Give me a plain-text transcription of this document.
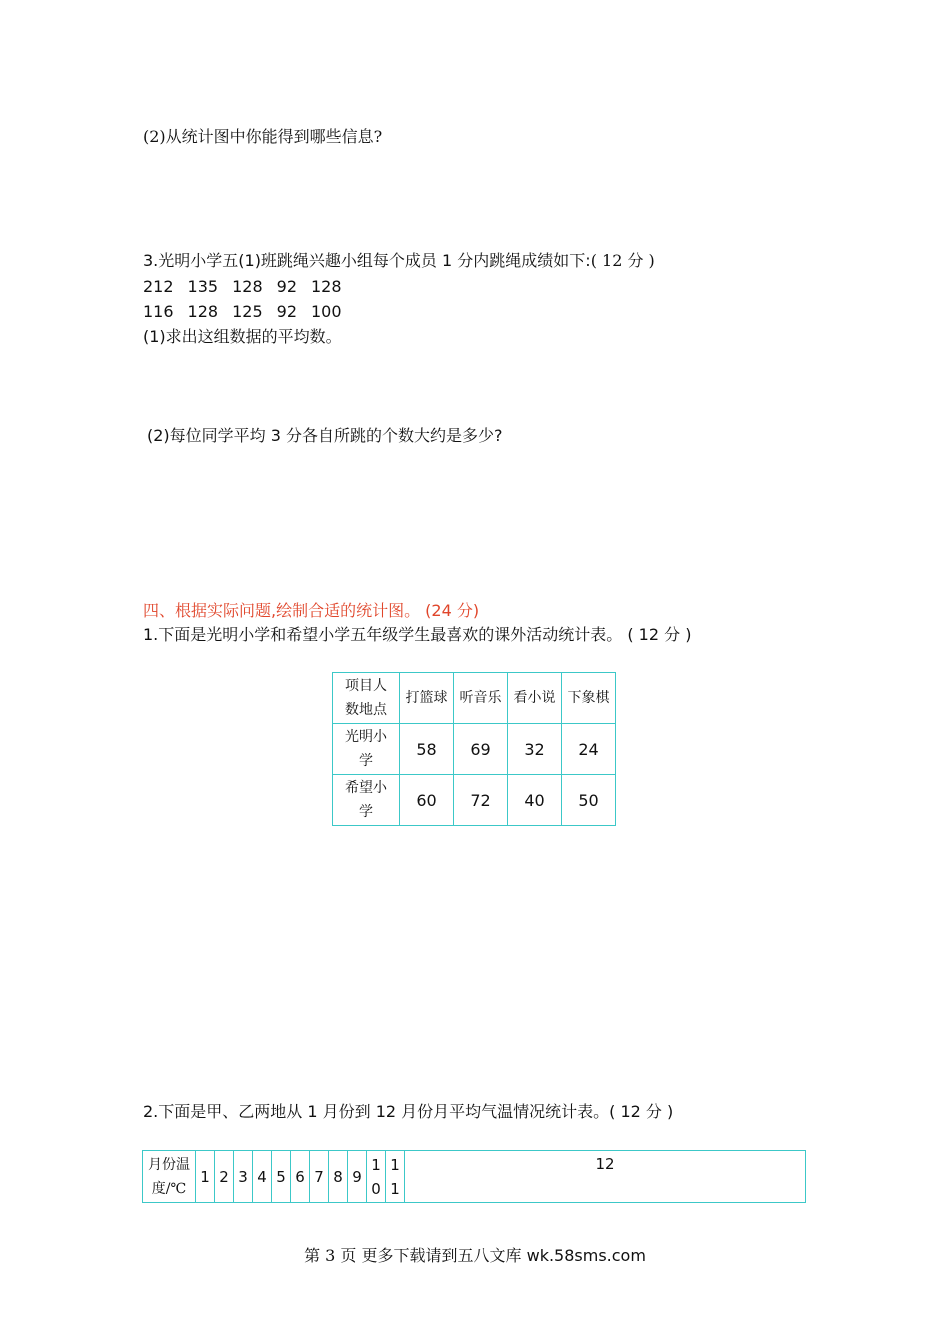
(2)从统计图中你能得到哪些信息?
3.光明小学五(1)班跳绳兴趣小组每个成员 1 分内跳绳成绩如下:( 12 分 )
212 135 128 92 128
116 128 125 92 100
(1)求出这组数据的平均数。
(2)每位同学平均 3 分各自所跳的个数大约是多少?
四、根据实际问题,绘制合适的统计图。 (24 分)
1.下面是光明小学和希望小学五年级学生最喜欢的课外活动统计表。 ( 12 分 )
项目人
数地点	打篮球	听音乐	看小说	下象棋

光明小学	58	69	32	24

希望小学	60	72	40	50
2.下面是甲、乙两地从 1 月份到 12 月份月平均气温情况统计表。( 12 分 )
月份温度/℃	1	2	3	4	5	6	7	8	9	10	11	12
第 3 页 更多下载请到五八文库 wk.58sms.com
